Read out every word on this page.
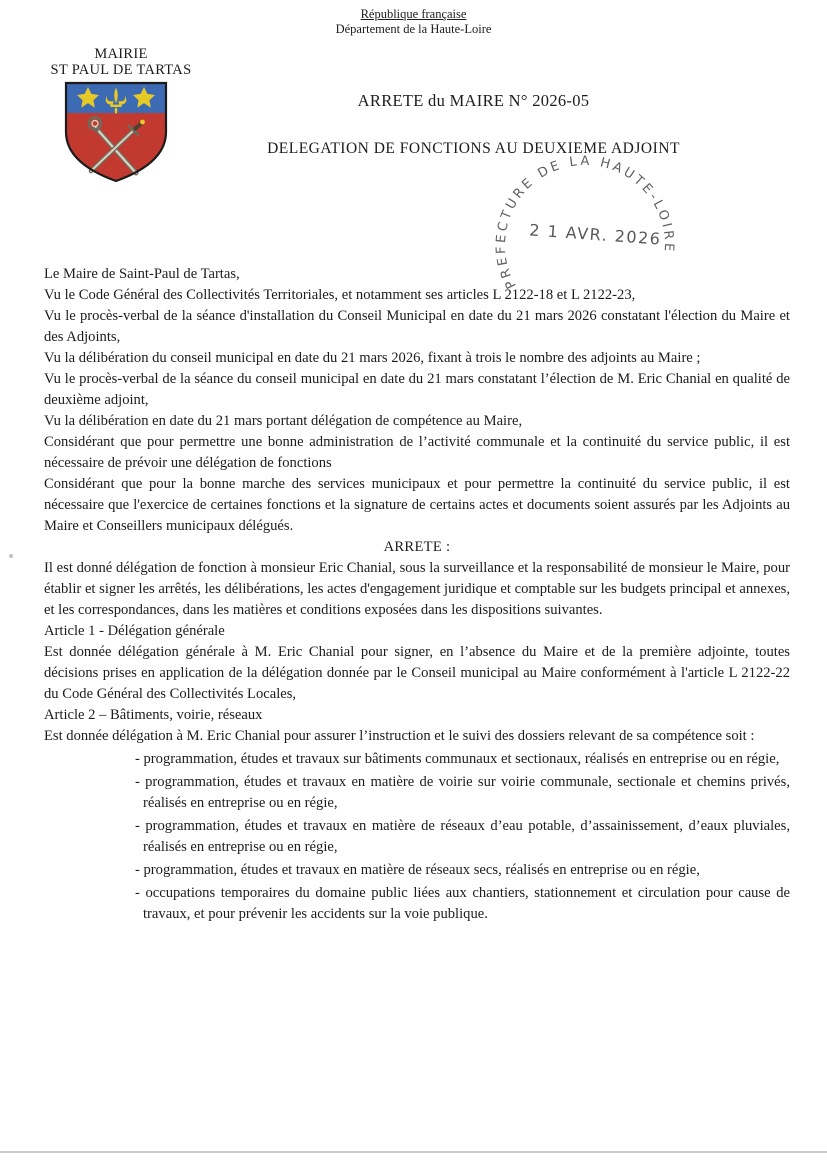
République française
Département de la Haute-Loire
MAIRIE
ST PAUL DE TARTAS
ARRETE du MAIRE N° 2026-05
DELEGATION DE FONCTIONS AU DEUXIEME ADJOINT
PREFECTURE DE LA HAUTE-LOIRE
2 1 AVR. 2026

Le Maire de Saint-Paul de Tartas,

Vu le Code Général des Collectivités Territoriales, et notamment ses articles L 2122-18 et L 2122-23,

Vu le procès-verbal de la séance d'installation du Conseil Municipal en date du 21 mars 2026 constatant l'élection du Maire et des Adjoints,

Vu la délibération du conseil municipal en date du 21 mars 2026, fixant à trois le nombre des adjoints au Maire ;

Vu le procès-verbal de la séance du conseil municipal en date du 21 mars constatant l’élection de M. Eric Chanial en qualité de deuxième adjoint,

Vu la délibération en date du 21 mars portant délégation de compétence au Maire,

Considérant que pour permettre une bonne administration de l’activité communale et la continuité du service public, il est nécessaire de prévoir une délégation de fonctions

Considérant que pour la bonne marche des services municipaux et pour permettre la continuité du service public, il est nécessaire que l'exercice de certaines fonctions et la signature de certains actes et documents soient assurés par les Adjoints au Maire et Conseillers municipaux délégués.

ARRETE :

Il est donné délégation de fonction à monsieur Eric Chanial, sous la surveillance et la responsabilité de monsieur le Maire, pour établir et signer les arrêtés, les délibérations, les actes d'engagement juridique et comptable sur les budgets principal et annexes, et les correspondances, dans les matières et conditions exposées dans les dispositions suivantes.

Article 1 - Délégation générale

Est donnée délégation générale à M. Eric Chanial pour signer, en l’absence du Maire et de la première adjointe, toutes décisions prises en application de la délégation donnée par le Conseil municipal au Maire conformément à l'article L 2122-22 du Code Général des Collectivités Locales,

Article 2 – Bâtiments, voirie, réseaux

Est donnée délégation à M. Eric Chanial pour assurer l’instruction et le suivi des dossiers relevant de sa compétence soit :

- programmation, études et travaux sur bâtiments communaux et sectionaux, réalisés en entreprise ou en régie,

- programmation, études et travaux en matière de voirie sur voirie communale, sectionale et chemins privés, réalisés en entreprise ou en régie,

- programmation, études et travaux en matière de réseaux d’eau potable, d’assainissement, d’eaux pluviales, réalisés en entreprise ou en régie,

- programmation, études et travaux en matière de réseaux secs, réalisés en entreprise ou en régie,

- occupations temporaires du domaine public liées aux chantiers, stationnement et circulation pour cause de travaux, et pour prévenir les accidents sur la voie publique.
